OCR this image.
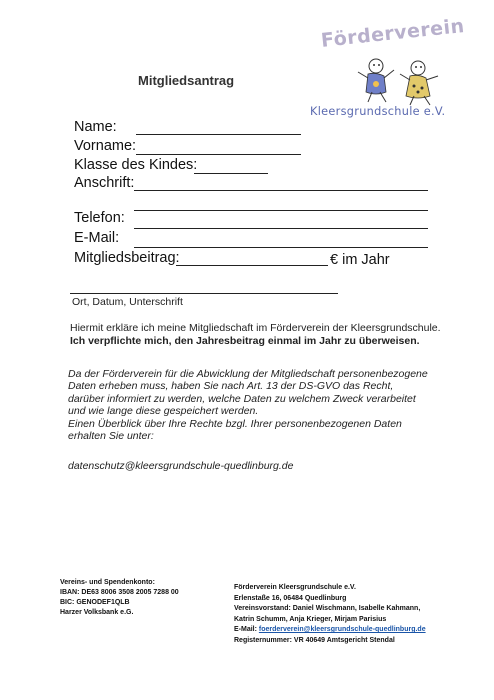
Förderverein
Kleersgrundschule e.V.
Mitgliedsantrag
Name:
Vorname:
Klasse des Kindes:
Anschrift:
Telefon:
E-Mail:
Mitgliedsbeitrag:	€ im Jahr
Ort, Datum, Unterschrift
Hiermit erkläre ich meine Mitgliedschaft im Förderverein der Kleersgrundschule.
Ich verpflichte mich, den Jahresbeitrag einmal im Jahr zu überweisen.
Da der Förderverein für die Abwicklung der Mitgliedschaft personenbezogene
Daten erheben muss, haben Sie nach Art. 13 der DS-GVO das Recht,
darüber informiert zu werden, welche Daten zu welchem Zweck verarbeitet
und wie lange diese gespeichert werden.
Einen Überblick über Ihre Rechte bzgl. Ihrer personenbezogenen Daten
erhalten Sie unter:
datenschutz@kleersgrundschule-quedlinburg.de
Vereins- und Spendenkonto:
IBAN: DE63 8006 3508 2005 7288 00
BIC: GENODEF1QLB
Harzer Volksbank e.G.
Förderverein Kleersgrundschule e.V.
Erlenstaße 16, 06484 Quedlinburg
Vereinsvorstand: Daniel Wischmann, Isabelle Kahmann,
Katrin Schumm, Anja Krieger, Mirjam Parisius
E-Mail: foerderverein@kleersgrundschule-quedlinburg.de
Registernummer: VR 40649 Amtsgericht Stendal
